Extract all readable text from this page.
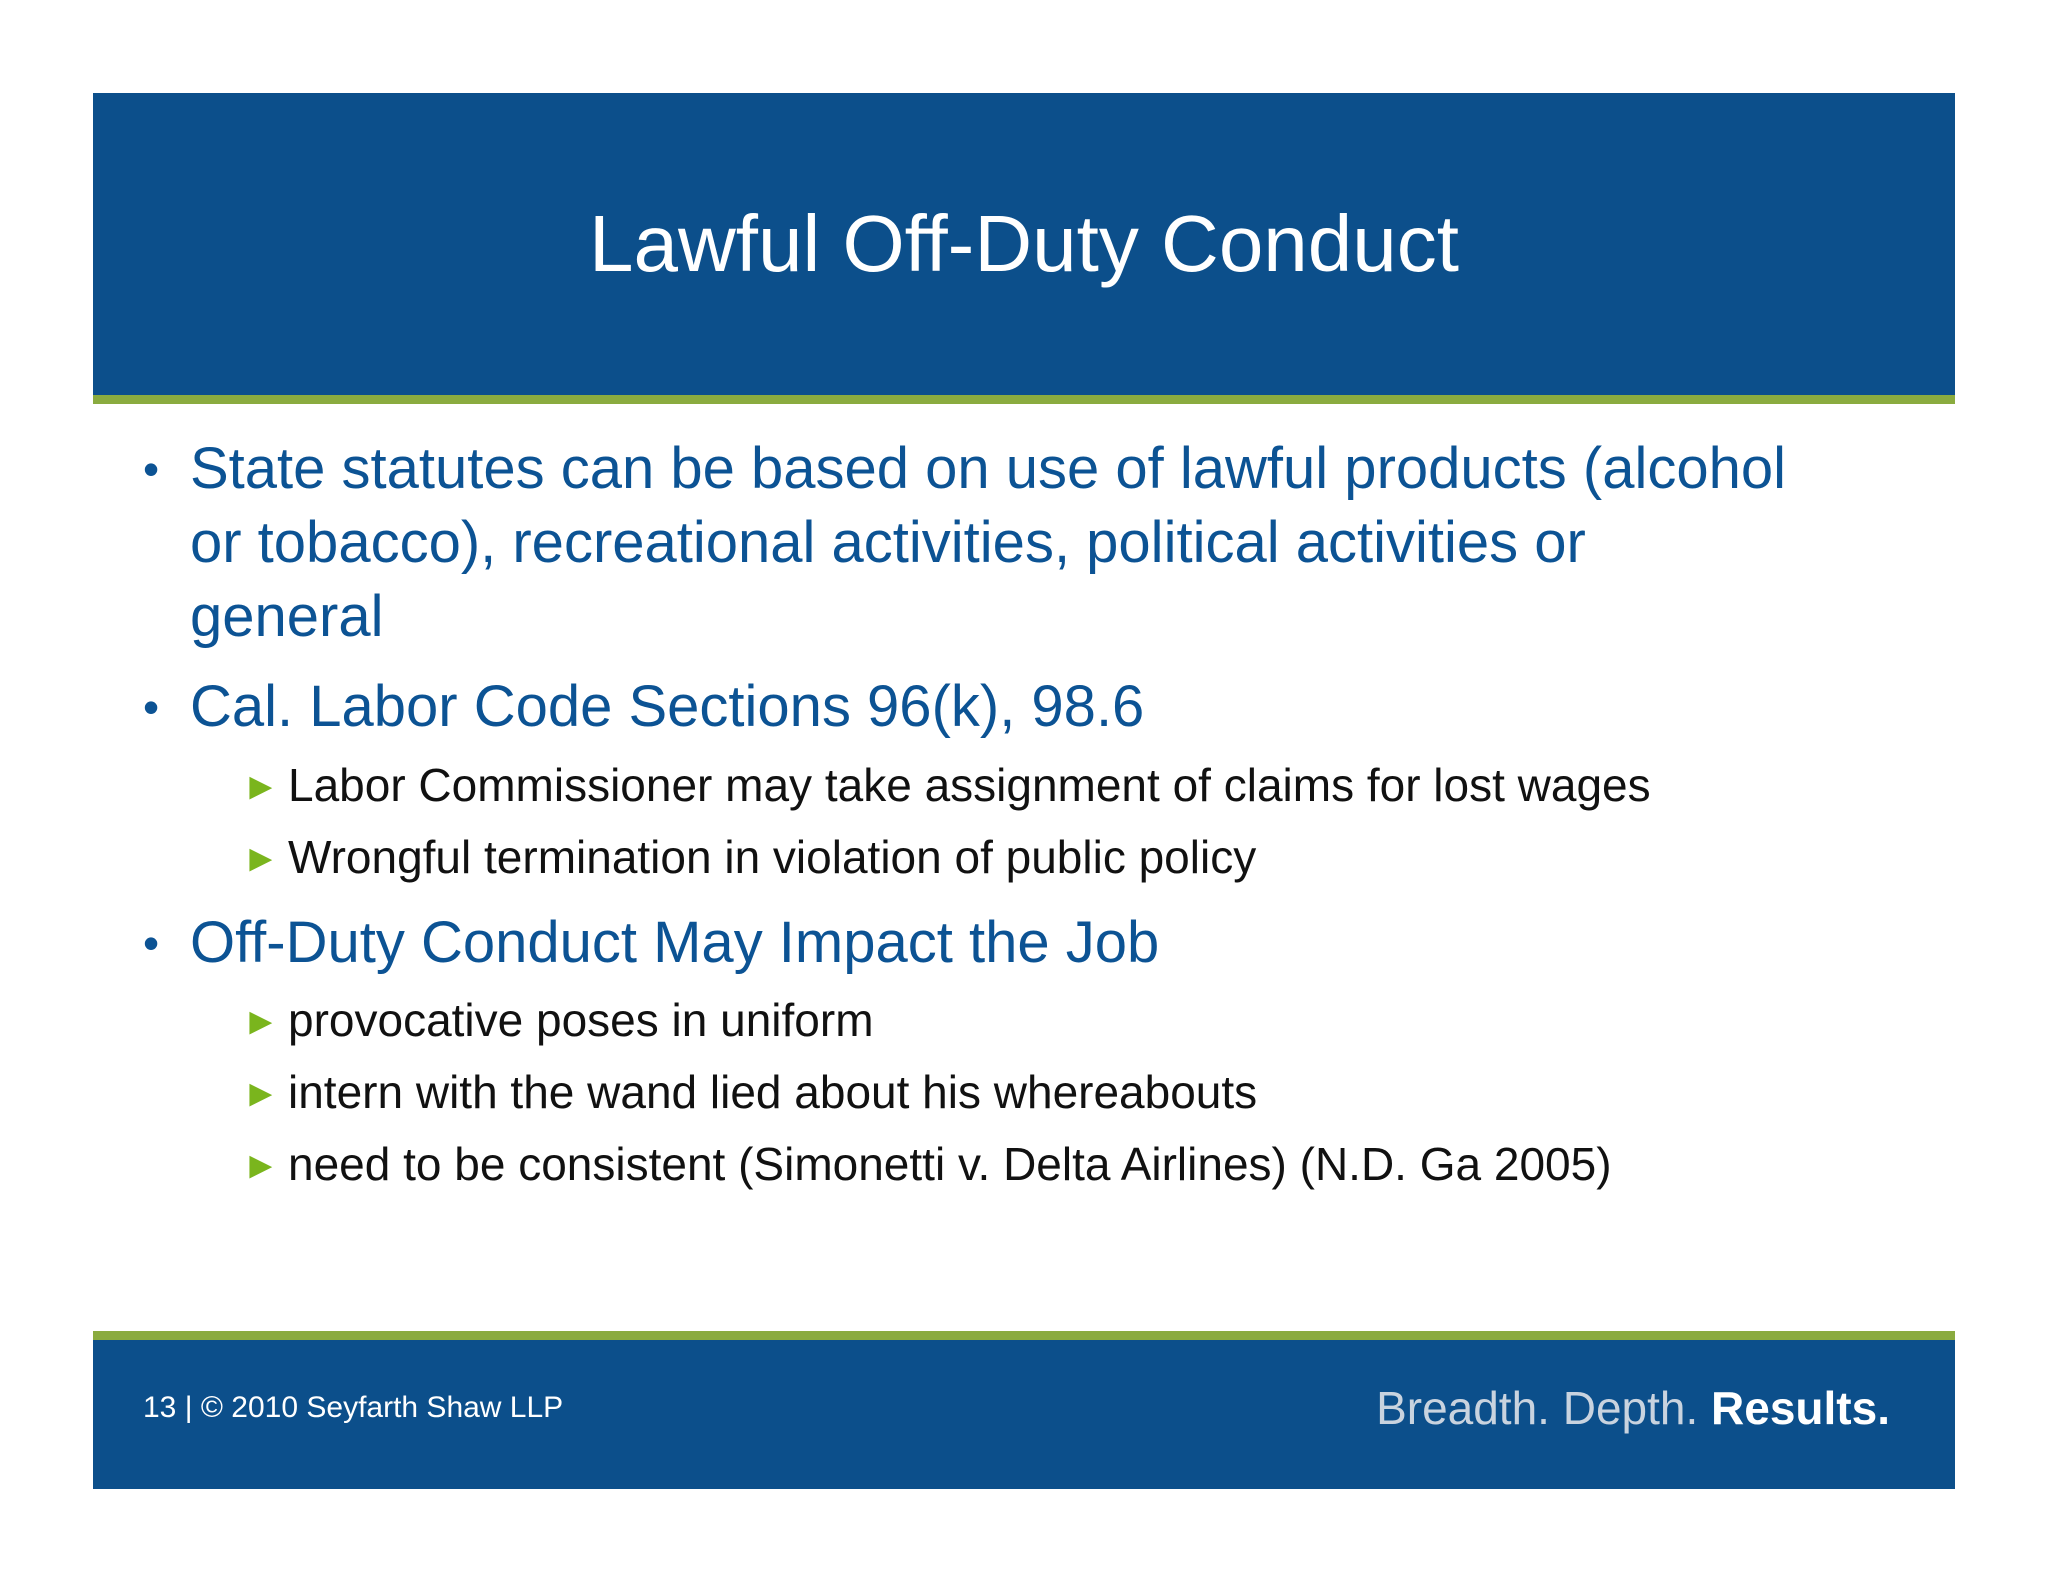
Lawful Off-Duty Conduct
• State statutes can be based on use of lawful products (alcohol
or tobacco), recreational activities, political activities or
general
• Cal. Labor Code Sections 96(k), 98.6
► Labor Commissioner may take assignment of claims for lost wages
► Wrongful termination in violation of public policy
• Off-Duty Conduct May Impact the Job
► provocative poses in uniform
► intern with the wand lied about his whereabouts
► need to be consistent (Simonetti v. Delta Airlines) (N.D. Ga 2005)
13 | © 2010 Seyfarth Shaw LLP	Breadth. Depth. Results.
